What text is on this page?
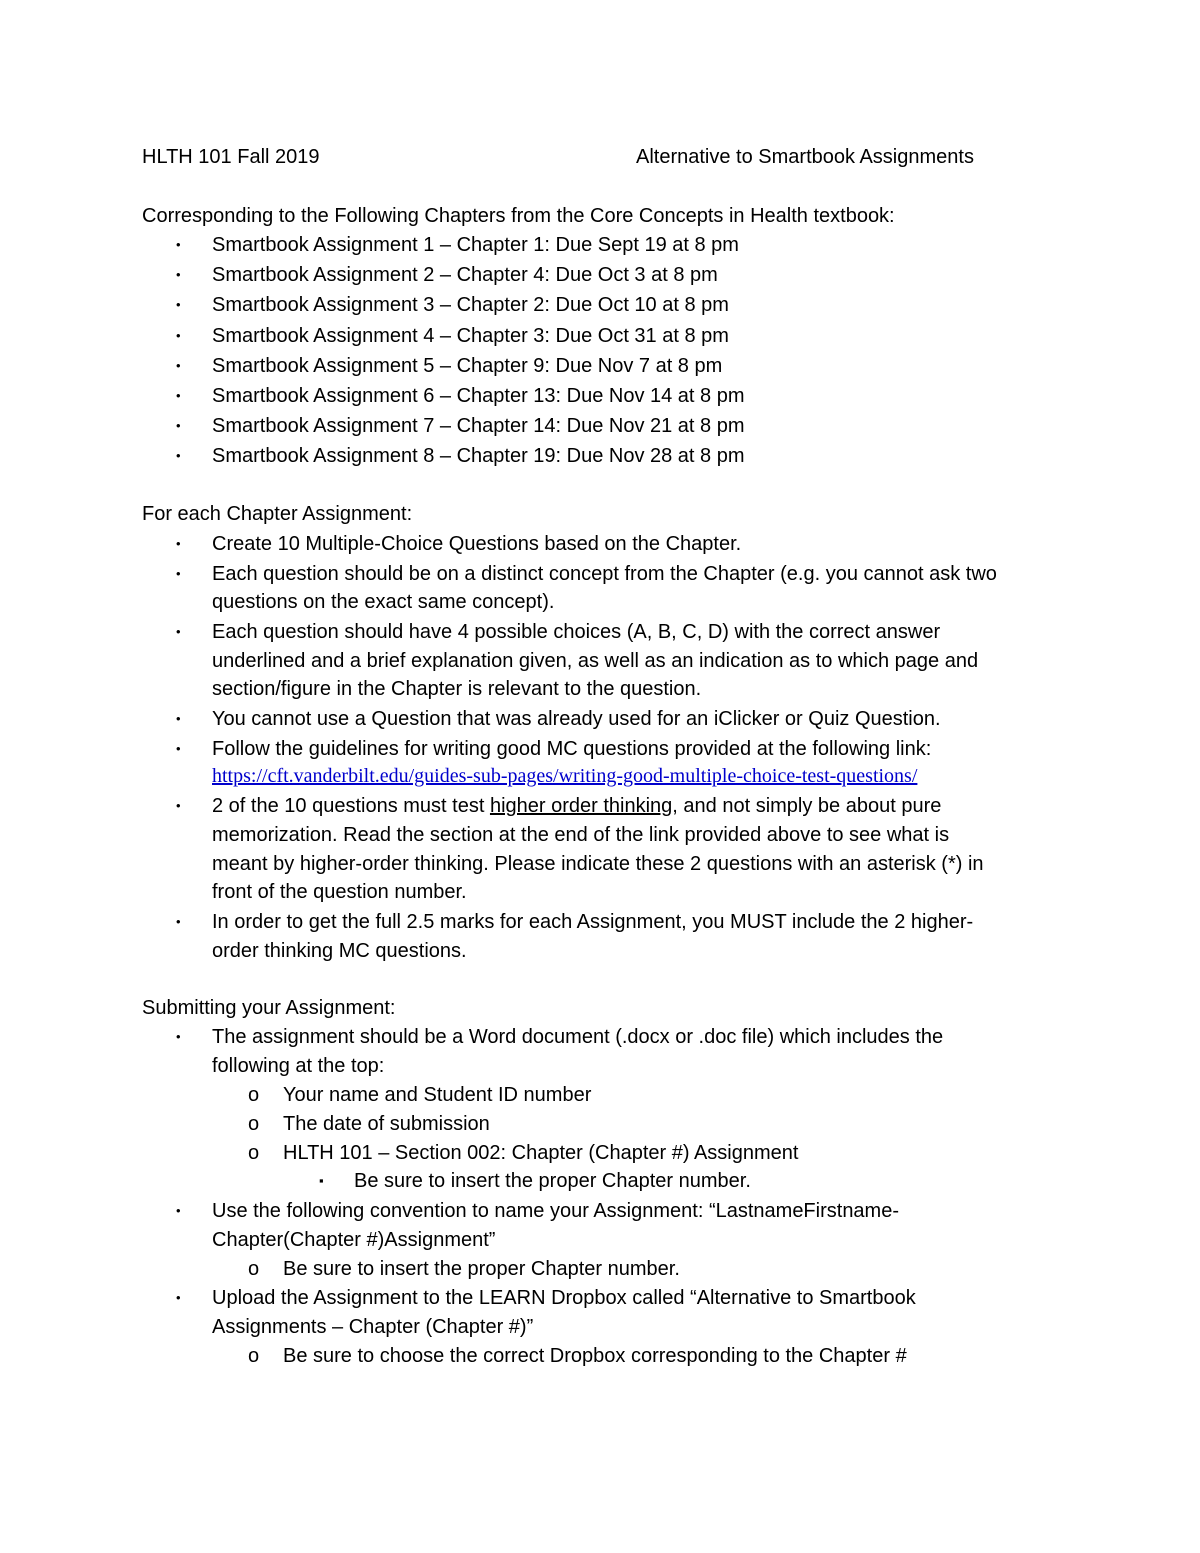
HLTH 101 Fall 2019	Alternative to Smartbook Assignments
Corresponding to the Following Chapters from the Core Concepts in Health textbook:
• Smartbook Assignment 1 – Chapter 1: Due Sept 19 at 8 pm
• Smartbook Assignment 2 – Chapter 4: Due Oct 3 at 8 pm
• Smartbook Assignment 3 – Chapter 2: Due Oct 10 at 8 pm
• Smartbook Assignment 4 – Chapter 3: Due Oct 31 at 8 pm
• Smartbook Assignment 5 – Chapter 9: Due Nov 7 at 8 pm
• Smartbook Assignment 6 – Chapter 13: Due Nov 14 at 8 pm
• Smartbook Assignment 7 – Chapter 14: Due Nov 21 at 8 pm
• Smartbook Assignment 8 – Chapter 19: Due Nov 28 at 8 pm
For each Chapter Assignment:
• Create 10 Multiple-Choice Questions based on the Chapter.
• Each question should be on a distinct concept from the Chapter (e.g. you cannot ask two
questions on the exact same concept).
• Each question should have 4 possible choices (A, B, C, D) with the correct answer
underlined and a brief explanation given, as well as an indication as to which page and
section/figure in the Chapter is relevant to the question.
• You cannot use a Question that was already used for an iClicker or Quiz Question.
• Follow the guidelines for writing good MC questions provided at the following link:
https://cft.vanderbilt.edu/guides-sub-pages/writing-good-multiple-choice-test-questions/
• 2 of the 10 questions must test higher order thinking, and not simply be about pure
memorization. Read the section at the end of the link provided above to see what is
meant by higher-order thinking. Please indicate these 2 questions with an asterisk (*) in
front of the question number.
• In order to get the full 2.5 marks for each Assignment, you MUST include the 2 higher-
order thinking MC questions.
Submitting your Assignment:
• The assignment should be a Word document (.docx or .doc file) which includes the
following at the top:
o Your name and Student ID number
o The date of submission
o HLTH 101 – Section 002: Chapter (Chapter #) Assignment
▪ Be sure to insert the proper Chapter number.
• Use the following convention to name your Assignment: “LastnameFirstname-
Chapter(Chapter #)Assignment”
o Be sure to insert the proper Chapter number.
• Upload the Assignment to the LEARN Dropbox called “Alternative to Smartbook
Assignments – Chapter (Chapter #)”
o Be sure to choose the correct Dropbox corresponding to the Chapter #
